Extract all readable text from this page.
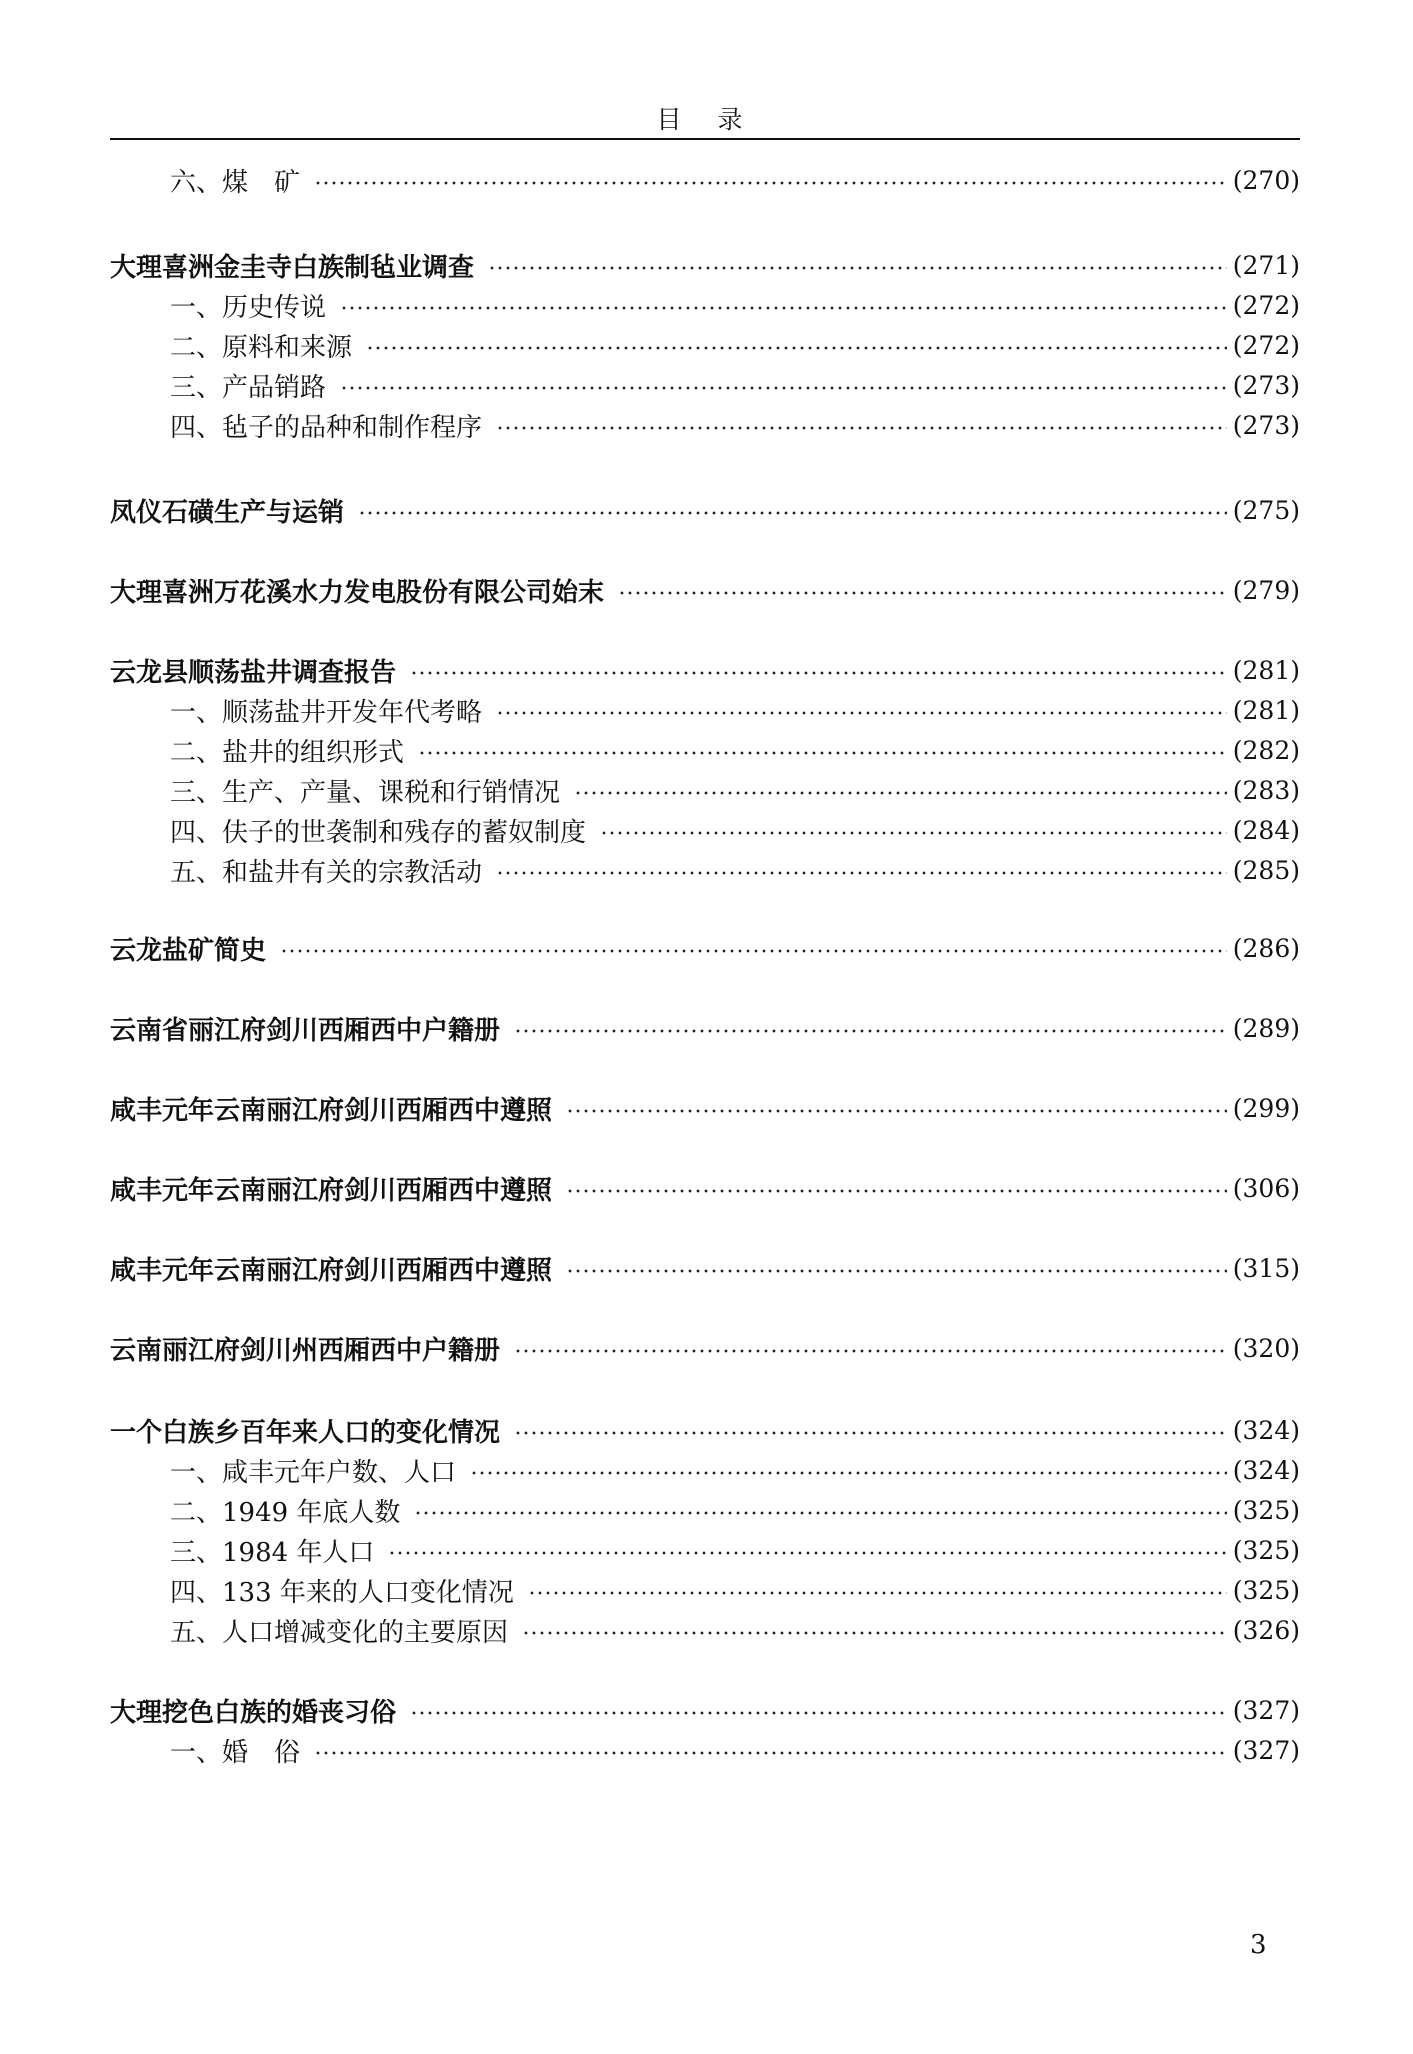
目 录
六、煤　矿	(270)
大理喜洲金圭寺白族制毡业调查	(271)
一、历史传说	(272)
二、原料和来源	(272)
三、产品销路	(273)
四、毡子的品种和制作程序	(273)
凤仪石磺生产与运销	(275)
大理喜洲万花溪水力发电股份有限公司始末	(279)
云龙县顺荡盐井调查报告	(281)
一、顺荡盐井开发年代考略	(281)
二、盐井的组织形式	(282)
三、生产、产量、课税和行销情况	(283)
四、伕子的世袭制和残存的蓄奴制度	(284)
五、和盐井有关的宗教活动	(285)
云龙盐矿简史	(286)
云南省丽江府剑川西厢西中户籍册	(289)
咸丰元年云南丽江府剑川西厢西中遵照	(299)
咸丰元年云南丽江府剑川西厢西中遵照	(306)
咸丰元年云南丽江府剑川西厢西中遵照	(315)
云南丽江府剑川州西厢西中户籍册	(320)
一个白族乡百年来人口的变化情况	(324)
一、咸丰元年户数、人口	(324)
二、1949 年底人数	(325)
三、1984 年人口	(325)
四、133 年来的人口变化情况	(325)
五、人口增减变化的主要原因	(326)
大理挖色白族的婚丧习俗	(327)
一、婚　俗	(327)
3
